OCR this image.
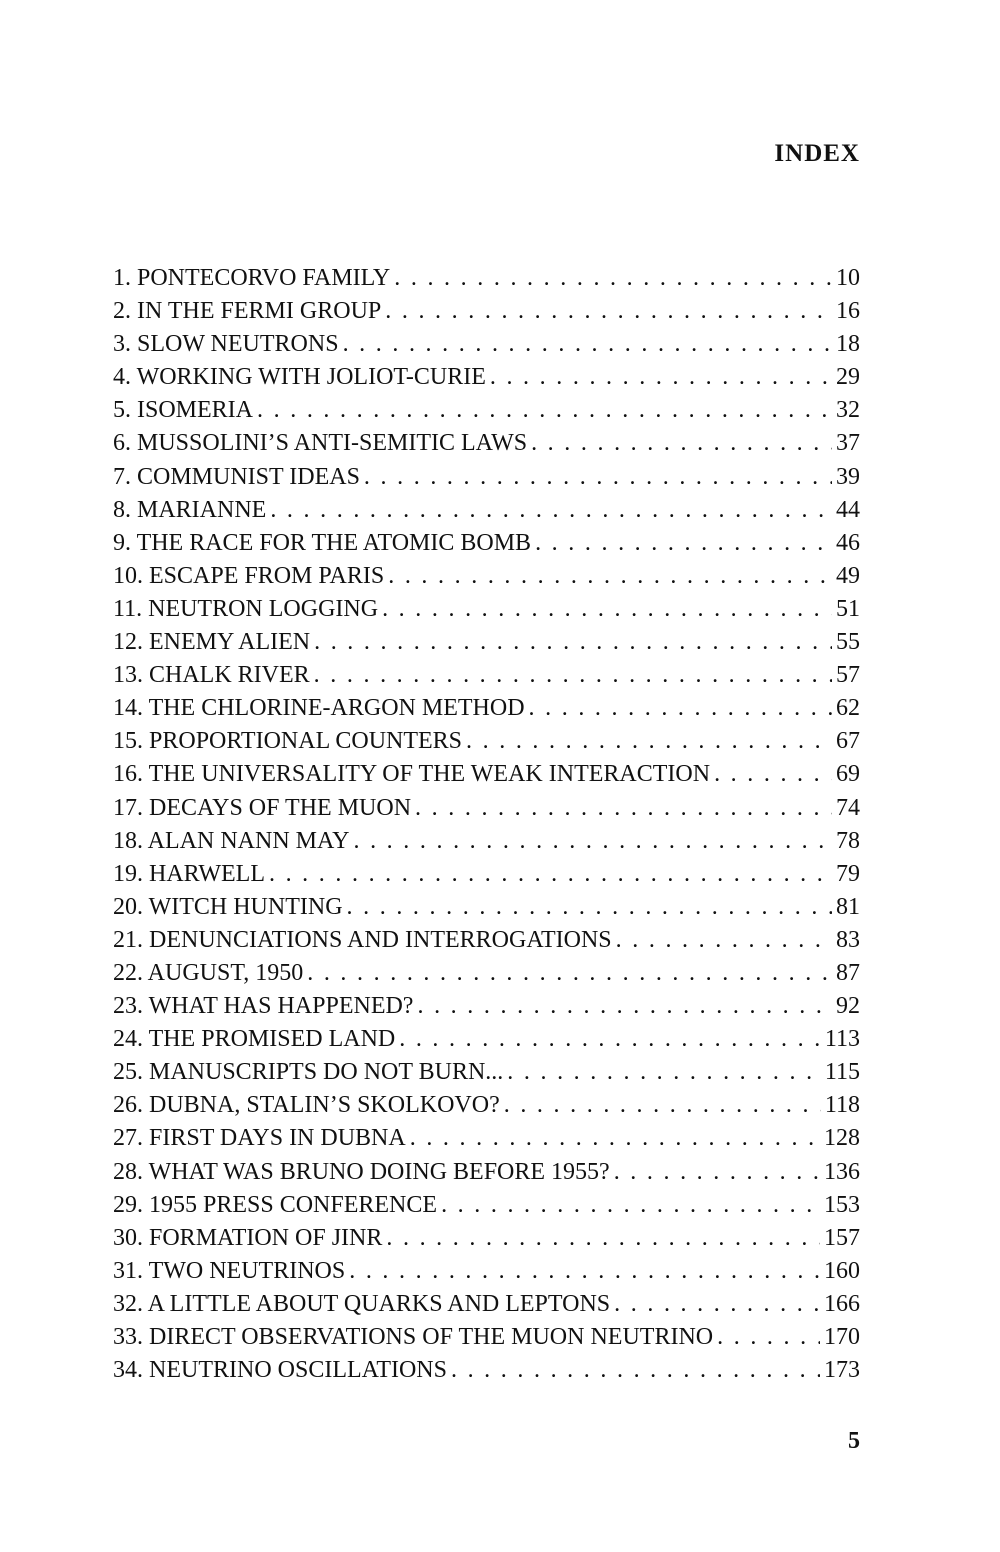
INDEX
1. PONTECORVO FAMILY . . .	10
2. IN THE FERMI GROUP . . .	16
3. SLOW NEUTRONS . . .	18
4. WORKING WITH JOLIOT-CURIE . . .	29
5. ISOMERIA . . .	32
6. MUSSOLINI’S ANTI-SEMITIC LAWS . . .	37
7. COMMUNIST IDEAS . . .	39
8. MARIANNE . . .	44
9. THE RACE FOR THE ATOMIC BOMB . . .	46
10. ESCAPE FROM PARIS . . .	49
11. NEUTRON LOGGING . . .	51
12. ENEMY ALIEN . . .	55
13. CHALK RIVER . . .	57
14. THE CHLORINE-ARGON METHOD . . .	62
15. PROPORTIONAL COUNTERS . . .	67
16. THE UNIVERSALITY OF THE WEAK INTERACTION . . .	69
17. DECAYS OF THE MUON . . .	74
18. ALAN NANN MAY . . .	78
19. HARWELL . . .	79
20. WITCH HUNTING . . .	81
21. DENUNCIATIONS AND INTERROGATIONS . . .	83
22. AUGUST, 1950 . . .	87
23. WHAT HAS HAPPENED? . . .	92
24. THE PROMISED LAND . . .	113
25. MANUSCRIPTS DO NOT BURN... . . .	115
26. DUBNA, STALIN’S SKOLKOVO? . . .	118
27. FIRST DAYS IN DUBNA . . .	128
28. WHAT WAS BRUNO DOING BEFORE 1955? . . .	136
29. 1955 PRESS CONFERENCE . . .	153
30. FORMATION OF JINR . . .	157
31. TWO NEUTRINOS . . .	160
32. A LITTLE ABOUT QUARKS AND LEPTONS . . .	166
33. DIRECT OBSERVATIONS OF THE MUON NEUTRINO . . .	170
34. NEUTRINO OSCILLATIONS . . .	173
5
